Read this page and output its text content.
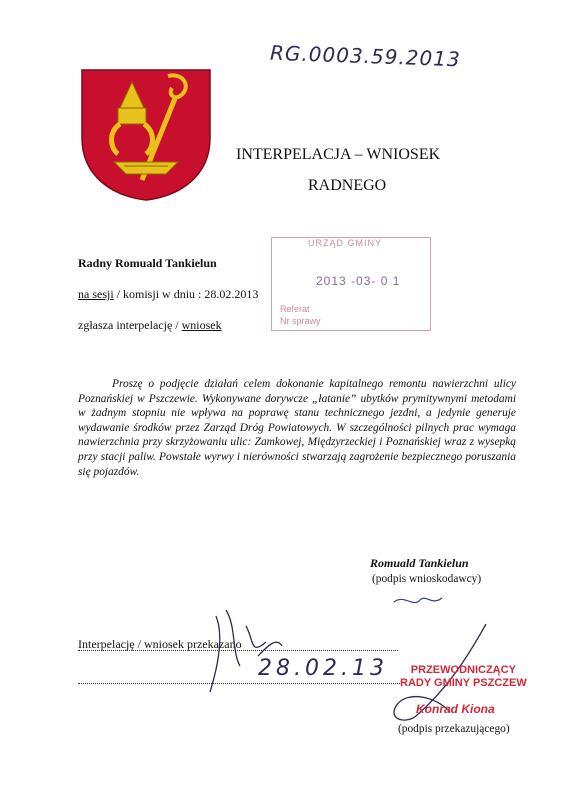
RG.0003.59.2013
INTERPELACJA – WNIOSEK
RADNEGO
URZĄD GMINY
2013 -03- 0 1
Referat
Nr sprawy
Radny Romuald Tankielun
na sesji / komisji w dniu : 28.02.2013
zgłasza interpelację / wniosek
Proszę o podjęcie działań celem dokonanie kapitalnego remontu nawierzchni ulicy Poznańskiej w Pszczewie. Wykonywane dorywcze „łatanie” ubytków prymitywnymi metodami w żadnym stopniu nie wpływa na poprawę stanu technicznego jezdni, a jedynie generuje wydawanie środków przez Zarząd Dróg Powiatowych. W szczególności pilnych prac wymaga nawierzchnia przy skrzyżowaniu ulic: Zamkowej, Międzyrzeckiej i Poznańskiej wraz z wysepką przy stacji paliw. Powstałe wyrwy i nierówności stwarzają zagrożenie bezpiecznego poruszania się pojazdów.
Romuald Tankielun
(podpis wnioskodawcy)
Interpelację / wniosek przekazano
28.02.13	PRZEWODNICZĄCY
RADY GMINY PSZCZEW
Konrad Kiona
(podpis przekazującego)
